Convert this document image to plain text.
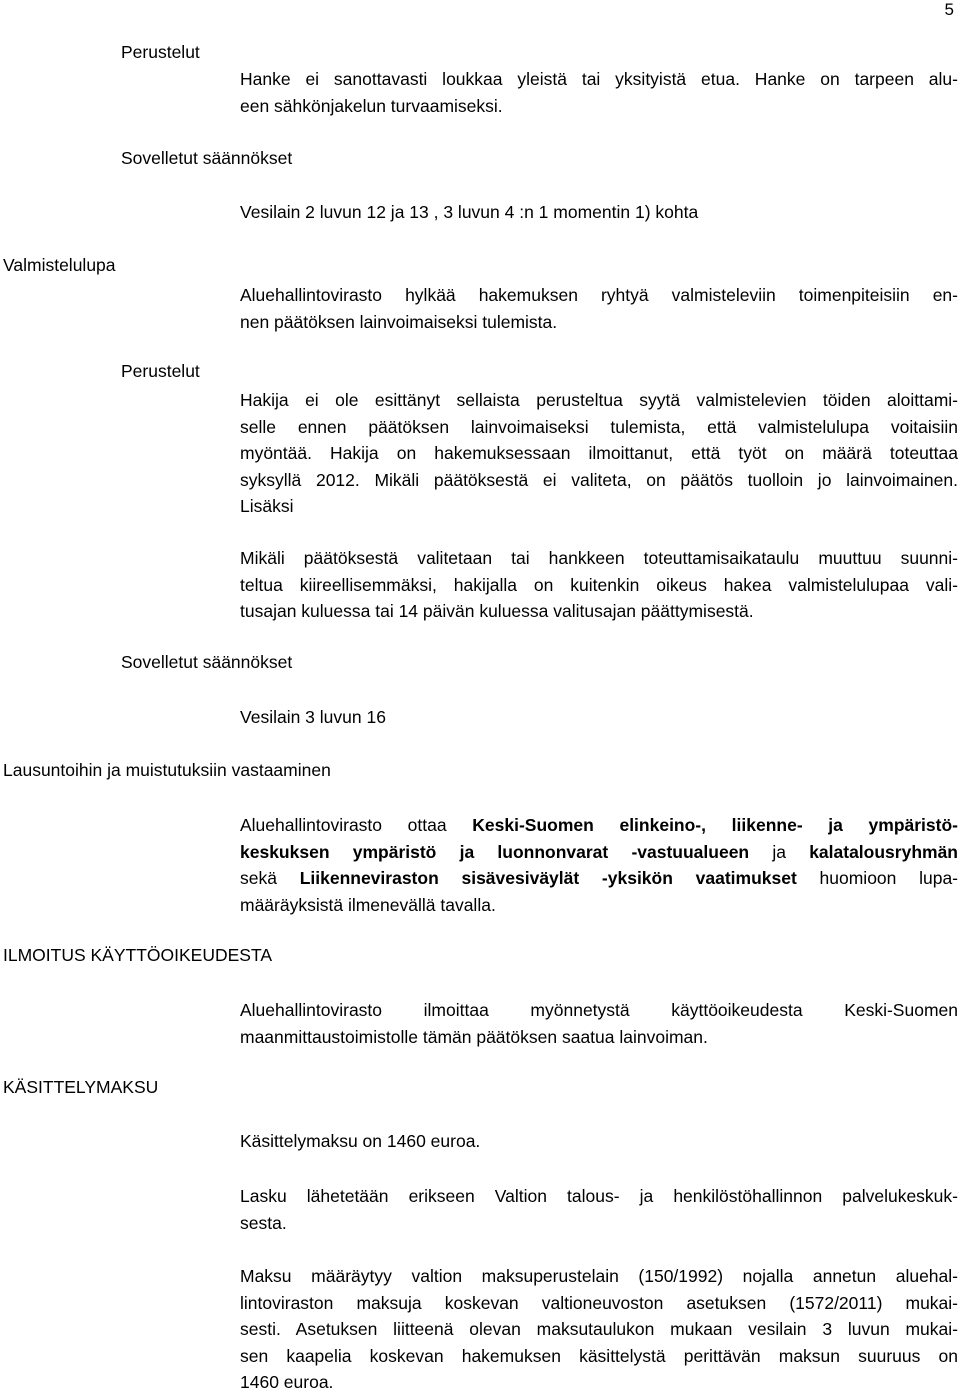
5
Perustelut
Hanke ei sanottavasti loukkaa yleistä tai yksityistä etua. Hanke on tarpeen alu-
een sähkönjakelun turvaamiseksi.
Sovelletut säännökset
Vesilain 2 luvun 12 ja 13 , 3 luvun 4 :n 1 momentin 1) kohta
Valmistelulupa
Aluehallintovirasto hylkää hakemuksen ryhtyä valmisteleviin toimenpiteisiin en-
nen päätöksen lainvoimaiseksi tulemista.
Perustelut
Hakija ei ole esittänyt sellaista perusteltua syytä valmistelevien töiden aloittami-
selle ennen päätöksen lainvoimaiseksi tulemista, että valmistelulupa voitaisiin
myöntää. Hakija on hakemuksessaan ilmoittanut, että työt on määrä toteuttaa
syksyllä 2012. Mikäli päätöksestä ei valiteta, on päätös tuolloin jo lainvoimainen.
Lisäksi
Mikäli päätöksestä valitetaan tai hankkeen toteuttamisaikataulu muuttuu suunni-
teltua kiireellisemmäksi, hakijalla on kuitenkin oikeus hakea valmistelulupaa vali-
tusajan kuluessa tai 14 päivän kuluessa valitusajan päättymisestä.
Sovelletut säännökset
Vesilain 3 luvun 16
Lausuntoihin ja muistutuksiin vastaaminen
Aluehallintovirasto ottaa Keski-Suomen elinkeino-, liikenne- ja ympäristö-
keskuksen ympäristö ja luonnonvarat -vastuualueen ja kalatalousryhmän
sekä Liikenneviraston sisävesiväylät -yksikön vaatimukset huomioon lupa-
määräyksistä ilmenevällä tavalla.
ILMOITUS KÄYTTÖOIKEUDESTA
Aluehallintovirasto ilmoittaa myönnetystä käyttöoikeudesta Keski-Suomen
maanmittaustoimistolle tämän päätöksen saatua lainvoiman.
KÄSITTELYMAKSU
Käsittelymaksu on 1460 euroa.
Lasku lähetetään erikseen Valtion talous- ja henkilöstöhallinnon palvelukeskuk-
sesta.
Maksu määräytyy valtion maksuperustelain (150/1992) nojalla annetun aluehal-
lintoviraston maksuja koskevan valtioneuvoston asetuksen (1572/2011) mukai-
sesti. Asetuksen liitteenä olevan maksutaulukon mukaan vesilain 3 luvun mukai-
sen kaapelia koskevan hakemuksen käsittelystä perittävän maksun suuruus on
1460 euroa.
